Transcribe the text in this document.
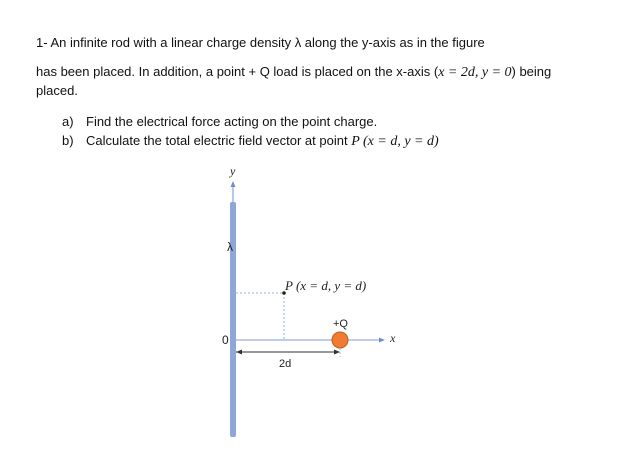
1- An infinite rod with a linear charge density λ along the y-axis as in the figure
has been placed. In addition, a point + Q load is placed on the x-axis (x = 2d, y = 0) being
placed.
a) Find the electrical force acting on the point charge.
b) Calculate the total electric field vector at point P (x = d, y = d)
y
λ
0
P (x = d, y = d)
+Q
x
2d
